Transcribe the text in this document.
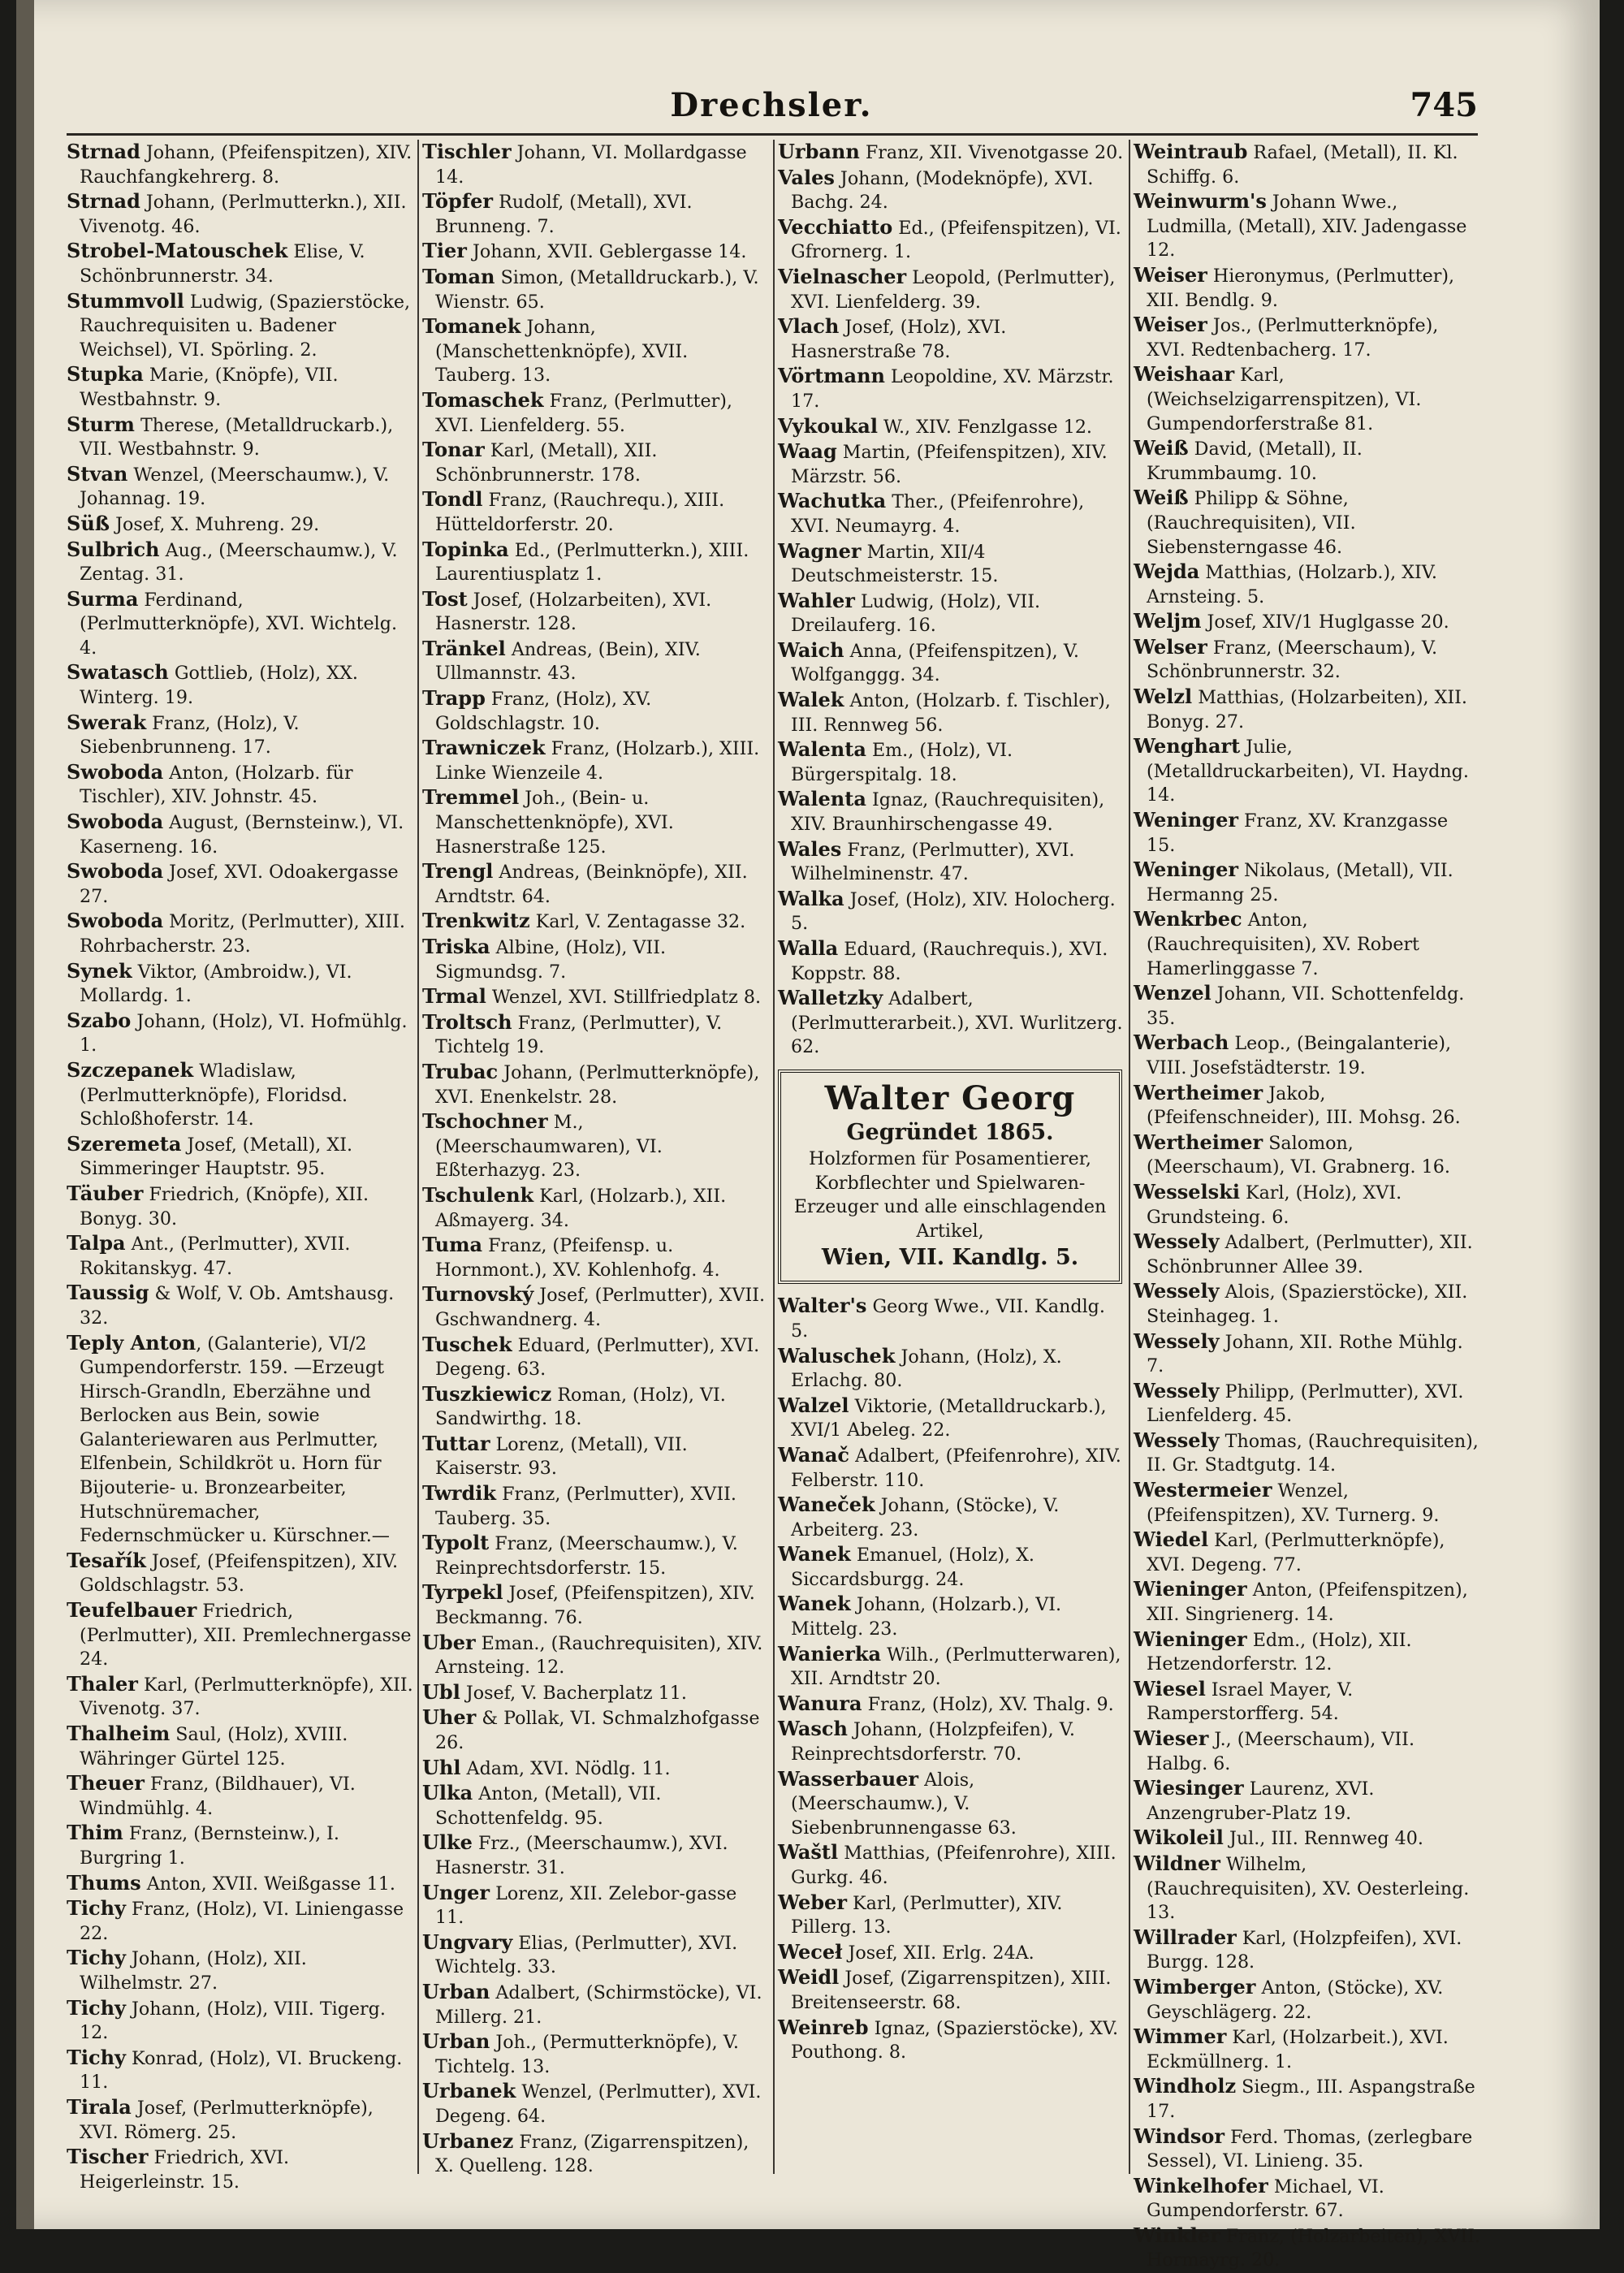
Drechsler.	745
Strnad Johann, (Pfeifenspitzen), XIV. Rauchfangkehrerg. 8.
Strnad Johann, (Perlmutterkn.), XII. Vivenotg. 46.
Strobel-Matouschek Elise, V. Schönbrunnerstr. 34.
Stummvoll Ludwig, (Spazierstöcke, Rauchrequisiten u. Badener Weichsel), VI. Spörling. 2.
Stupka Marie, (Knöpfe), VII. Westbahnstr. 9.
Sturm Therese, (Metalldruckarb.), VII. Westbahnstr. 9.
Stvan Wenzel, (Meerschaumw.), V. Johannag. 19.
Süß Josef, X. Muhreng. 29.
Sulbrich Aug., (Meerschaumw.), V. Zentag. 31.
Surma Ferdinand, (Perlmutterknöpfe), XVI. Wichtelg. 4.
Swatasch Gottlieb, (Holz), XX. Winterg. 19.
Swerak Franz, (Holz), V. Siebenbrunneng. 17.
Swoboda Anton, (Holzarb. für Tischler), XIV. Johnstr. 45.
Swoboda August, (Bernsteinw.), VI. Kaserneng. 16.
Swoboda Josef, XVI. Odoakergasse 27.
Swoboda Moritz, (Perlmutter), XIII. Rohrbacherstr. 23.
Synek Viktor, (Ambroidw.), VI. Mollardg. 1.
Szabo Johann, (Holz), VI. Hofmühlg. 1.
Szczepanek Wladislaw, (Perlmutterknöpfe), Floridsd. Schloßhoferstr. 14.
Szeremeta Josef, (Metall), XI. Simmeringer Hauptstr. 95.
Täuber Friedrich, (Knöpfe), XII. Bonyg. 30.
Talpa Ant., (Perlmutter), XVII. Rokitanskyg. 47.
Taussig & Wolf, V. Ob. Amtshausg. 32.
Teply Anton, (Galanterie), VI/2 Gumpendorferstr. 159. —Erzeugt Hirsch-Grandln, Eberzähne und Berlocken aus Bein, sowie Galanteriewaren aus Perlmutter, Elfenbein, Schildkröt u. Horn für Bijouterie- u. Bronzearbeiter, Hutschnüremacher, Federnschmücker u. Kürschner.—
Tesařík Josef, (Pfeifenspitzen), XIV. Goldschlagstr. 53.
Teufelbauer Friedrich, (Perlmutter), XII. Premlechnergasse 24.
Thaler Karl, (Perlmutterknöpfe), XII. Vivenotg. 37.
Thalheim Saul, (Holz), XVIII. Währinger Gürtel 125.
Theuer Franz, (Bildhauer), VI. Windmühlg. 4.
Thim Franz, (Bernsteinw.), I. Burgring 1.
Thums Anton, XVII. Weißgasse 11.
Tichy Franz, (Holz), VI. Liniengasse 22.
Tichy Johann, (Holz), XII. Wilhelmstr. 27.
Tichy Johann, (Holz), VIII. Tigerg. 12.
Tichy Konrad, (Holz), VI. Bruckeng. 11.
Tirala Josef, (Perlmutterknöpfe), XVI. Römerg. 25.
Tischer Friedrich, XVI. Heigerleinstr. 15.
Tischler Johann, VI. Mollardgasse 14.
Töpfer Rudolf, (Metall), XVI. Brunneng. 7.
Tier Johann, XVII. Geblergasse 14.
Toman Simon, (Metalldruckarb.), V. Wienstr. 65.
Tomanek Johann, (Manschettenknöpfe), XVII. Tauberg. 13.
Tomaschek Franz, (Perlmutter), XVI. Lienfelderg. 55.
Tonar Karl, (Metall), XII. Schönbrunnerstr. 178.
Tondl Franz, (Rauchrequ.), XIII. Hütteldorferstr. 20.
Topinka Ed., (Perlmutterkn.), XIII. Laurentiusplatz 1.
Tost Josef, (Holzarbeiten), XVI. Hasnerstr. 128.
Tränkel Andreas, (Bein), XIV. Ullmannstr. 43.
Trapp Franz, (Holz), XV. Goldschlagstr. 10.
Trawniczek Franz, (Holzarb.), XIII. Linke Wienzeile 4.
Tremmel Joh., (Bein- u. Manschettenknöpfe), XVI. Hasnerstraße 125.
Trengl Andreas, (Beinknöpfe), XII. Arndtstr. 64.
Trenkwitz Karl, V. Zentagasse 32.
Triska Albine, (Holz), VII. Sigmundsg. 7.
Trmal Wenzel, XVI. Stillfriedplatz 8.
Troltsch Franz, (Perlmutter), V. Tichtelg 19.
Trubac Johann, (Perlmutterknöpfe), XVI. Enenkelstr. 28.
Tschochner M., (Meerschaumwaren), VI. Eßterhazyg. 23.
Tschulenk Karl, (Holzarb.), XII. Aßmayerg. 34.
Tuma Franz, (Pfeifensp. u. Hornmont.), XV. Kohlenhofg. 4.
Turnovský Josef, (Perlmutter), XVII. Gschwandnerg. 4.
Tuschek Eduard, (Perlmutter), XVI. Degeng. 63.
Tuszkiewicz Roman, (Holz), VI. Sandwirthg. 18.
Tuttar Lorenz, (Metall), VII. Kaiserstr. 93.
Twrdik Franz, (Perlmutter), XVII. Tauberg. 35.
Typolt Franz, (Meerschaumw.), V. Reinprechtsdorferstr. 15.
Tyrpekl Josef, (Pfeifenspitzen), XIV. Beckmanng. 76.
Uber Eman., (Rauchrequisiten), XIV. Arnsteing. 12.
Ubl Josef, V. Bacherplatz 11.
Uher & Pollak, VI. Schmalzhofgasse 26.
Uhl Adam, XVI. Nödlg. 11.
Ulka Anton, (Metall), VII. Schottenfeldg. 95.
Ulke Frz., (Meerschaumw.), XVI. Hasnerstr. 31.
Unger Lorenz, XII. Zelebor-gasse 11.
Ungvary Elias, (Perlmutter), XVI. Wichtelg. 33.
Urban Adalbert, (Schirmstöcke), VI. Millerg. 21.
Urban Joh., (Permutterknöpfe), V. Tichtelg. 13.
Urbanek Wenzel, (Perlmutter), XVI. Degeng. 64.
Urbanez Franz, (Zigarrenspitzen), X. Quelleng. 128.
Urbann Franz, XII. Vivenotgasse 20.
Vales Johann, (Modeknöpfe), XVI. Bachg. 24.
Vecchiatto Ed., (Pfeifenspitzen), VI. Gfrornerg. 1.
Vielnascher Leopold, (Perlmutter), XVI. Lienfelderg. 39.
Vlach Josef, (Holz), XVI. Hasnerstraße 78.
Vörtmann Leopoldine, XV. Märzstr. 17.
Vykoukal W., XIV. Fenzlgasse 12.
Waag Martin, (Pfeifenspitzen), XIV. Märzstr. 56.
Wachutka Ther., (Pfeifenrohre), XVI. Neumayrg. 4.
Wagner Martin, XII/4 Deutschmeisterstr. 15.
Wahler Ludwig, (Holz), VII. Dreilauferg. 16.
Waich Anna, (Pfeifenspitzen), V. Wolfganggg. 34.
Walek Anton, (Holzarb. f. Tischler), III. Rennweg 56.
Walenta Em., (Holz), VI. Bürgerspitalg. 18.
Walenta Ignaz, (Rauchrequisiten), XIV. Braunhirschengasse 49.
Wales Franz, (Perlmutter), XVI. Wilhelminenstr. 47.
Walka Josef, (Holz), XIV. Holocherg. 5.
Walla Eduard, (Rauchrequis.), XVI. Koppstr. 88.
Walletzky Adalbert, (Perlmutterarbeit.), XVI. Wurlitzerg. 62.
Walter Georg
Gegründet 1865.
Holzformen für Posamentierer, Korbflechter und Spielwaren-Erzeuger und alle einschlagenden Artikel,
Wien, VII. Kandlg. 5.
Walter's Georg Wwe., VII. Kandlg. 5.
Waluschek Johann, (Holz), X. Erlachg. 80.
Walzel Viktorie, (Metalldruckarb.), XVI/1 Abeleg. 22.
Wanač Adalbert, (Pfeifenrohre), XIV. Felberstr. 110.
Waneček Johann, (Stöcke), V. Arbeiterg. 23.
Wanek Emanuel, (Holz), X. Siccardsburgg. 24.
Wanek Johann, (Holzarb.), VI. Mittelg. 23.
Wanierka Wilh., (Perlmutterwaren), XII. Arndtstr 20.
Wanura Franz, (Holz), XV. Thalg. 9.
Wasch Johann, (Holzpfeifen), V. Reinprechtsdorferstr. 70.
Wasserbauer Alois, (Meerschaumw.), V. Siebenbrunnengasse 63.
Waštl Matthias, (Pfeifenrohre), XIII. Gurkg. 46.
Weber Karl, (Perlmutter), XIV. Pillerg. 13.
Weceł Josef, XII. Erlg. 24A.
Weidl Josef, (Zigarrenspitzen), XIII. Breitenseerstr. 68.
Weinreb Ignaz, (Spazierstöcke), XV. Pouthong. 8.
Weintraub Rafael, (Metall), II. Kl. Schiffg. 6.
Weinwurm's Johann Wwe., Ludmilla, (Metall), XIV. Jadengasse 12.
Weiser Hieronymus, (Perlmutter), XII. Bendlg. 9.
Weiser Jos., (Perlmutterknöpfe), XVI. Redtenbacherg. 17.
Weishaar Karl, (Weichselzigarrenspitzen), VI. Gumpendorferstraße 81.
Weiß David, (Metall), II. Krummbaumg. 10.
Weiß Philipp & Söhne, (Rauchrequisiten), VII. Siebensterngasse 46.
Wejda Matthias, (Holzarb.), XIV. Arnsteing. 5.
Weljm Josef, XIV/1 Huglgasse 20.
Welser Franz, (Meerschaum), V. Schönbrunnerstr. 32.
Welzl Matthias, (Holzarbeiten), XII. Bonyg. 27.
Wenghart Julie, (Metalldruckarbeiten), VI. Haydng. 14.
Weninger Franz, XV. Kranzgasse 15.
Weninger Nikolaus, (Metall), VII. Hermanng 25.
Wenkrbec Anton, (Rauchrequisiten), XV. Robert Hamerlinggasse 7.
Wenzel Johann, VII. Schottenfeldg. 35.
Werbach Leop., (Beingalanterie), VIII. Josefstädterstr. 19.
Wertheimer Jakob, (Pfeifenschneider), III. Mohsg. 26.
Wertheimer Salomon, (Meerschaum), VI. Grabnerg. 16.
Wesselski Karl, (Holz), XVI. Grundsteing. 6.
Wessely Adalbert, (Perlmutter), XII. Schönbrunner Allee 39.
Wessely Alois, (Spazierstöcke), XII. Steinhageg. 1.
Wessely Johann, XII. Rothe Mühlg. 7.
Wessely Philipp, (Perlmutter), XVI. Lienfelderg. 45.
Wessely Thomas, (Rauchrequisiten), II. Gr. Stadtgutg. 14.
Westermeier Wenzel, (Pfeifenspitzen), XV. Turnerg. 9.
Wiedel Karl, (Perlmutterknöpfe), XVI. Degeng. 77.
Wieninger Anton, (Pfeifenspitzen), XII. Singrienerg. 14.
Wieninger Edm., (Holz), XII. Hetzendorferstr. 12.
Wiesel Israel Mayer, V. Ramperstorfferg. 54.
Wieser J., (Meerschaum), VII. Halbg. 6.
Wiesinger Laurenz, XVI. Anzengruber-Platz 19.
Wikoleil Jul., III. Rennweg 40.
Wildner Wilhelm, (Rauchrequisiten), XV. Oesterleing. 13.
Willrader Karl, (Holzpfeifen), XVI. Burgg. 128.
Wimberger Anton, (Stöcke), XV. Geyschlägerg. 22.
Wimmer Karl, (Holzarbeit.), XVI. Eckmüllnerg. 1.
Windholz Siegm., III. Aspangstraße 17.
Windsor Ferd. Thomas, (zerlegbare Sessel), VI. Linieng. 35.
Winkelhofer Michael, VI. Gumpendorferstr. 67.
Winkler Franz, (Holzarbeiten), XVII. Hormayrg. 20.
